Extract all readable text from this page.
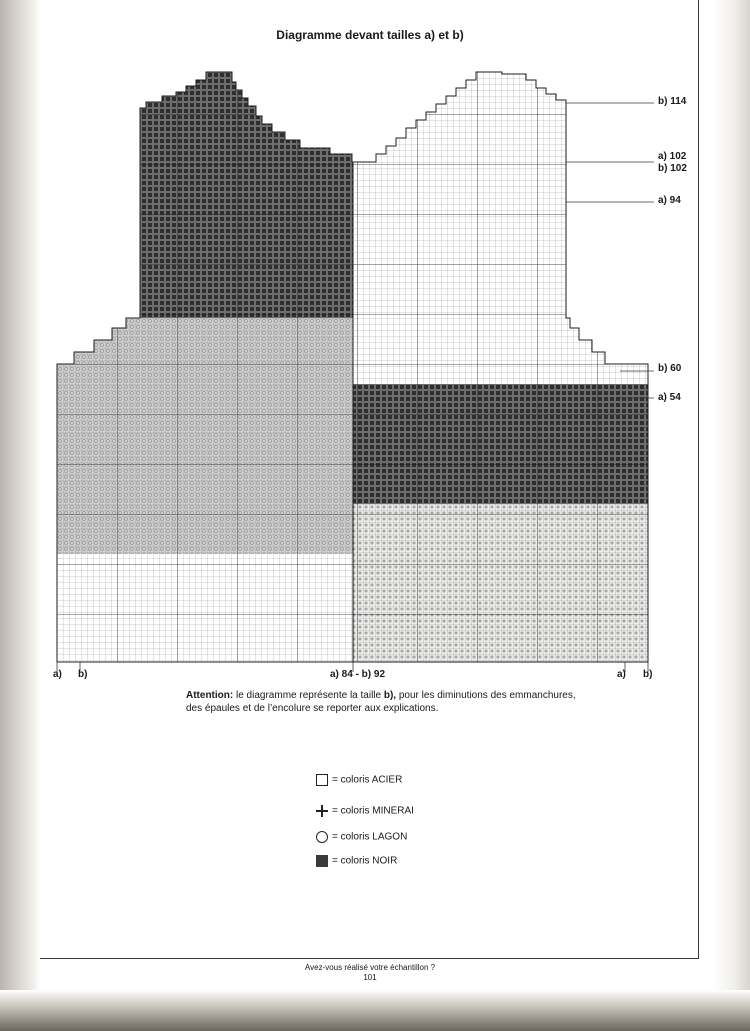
Diagramme devant tailles a) et b)
b) 114
a) 102
b) 102
a) 94
b) 60
a) 54
a) b)	a) 84 - b) 92	a) b)
Attention: le diagramme représente la taille b), pour les diminutions des emmanchures, des épaules et de l’encolure se reporter aux explications.
= coloris ACIER
= coloris MINERAI
= coloris LAGON
= coloris NOIR
Avez-vous réalisé votre échantillon ?
101
